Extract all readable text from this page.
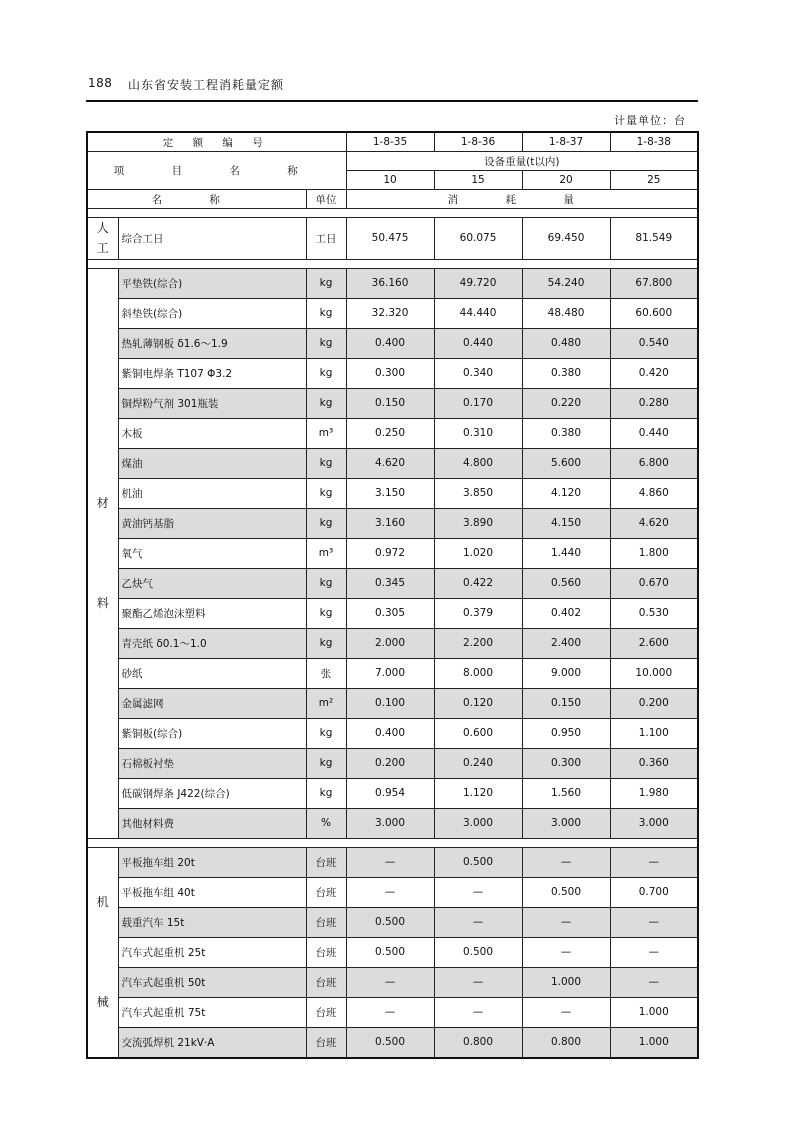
188 山东省安装工程消耗量定额
计量单位：台
定 额 编 号			1-8-35	1-8-36	1-8-37	1-8-38
项 目 名 称			设备重量(t以内)			
			10	15	20	25
名 称		单位	消 耗 量			

人
工	综合工日	工日	50.475	60.075	69.450	81.549

材
料	平垫铁(综合)	kg	36.160	49.720	54.240	67.800
	斜垫铁(综合)	kg	32.320	44.440	48.480	60.600
	热轧薄钢板 δ1.6～1.9	kg	0.400	0.440	0.480	0.540
	紫铜电焊条 T107 Φ3.2	kg	0.300	0.340	0.380	0.420
	铜焊粉气剂 301瓶装	kg	0.150	0.170	0.220	0.280
	木板	m³	0.250	0.310	0.380	0.440
	煤油	kg	4.620	4.800	5.600	6.800
	机油	kg	3.150	3.850	4.120	4.860
	黄油钙基脂	kg	3.160	3.890	4.150	4.620
	氧气	m³	0.972	1.020	1.440	1.800
	乙炔气	kg	0.345	0.422	0.560	0.670
	聚酯乙烯泡沫塑料	kg	0.305	0.379	0.402	0.530
	青壳纸 δ0.1～1.0	kg	2.000	2.200	2.400	2.600
	砂纸	张	7.000	8.000	9.000	10.000
	金属滤网	m²	0.100	0.120	0.150	0.200
	紫铜板(综合)	kg	0.400	0.600	0.950	1.100
	石棉板衬垫	kg	0.200	0.240	0.300	0.360
	低碳钢焊条 J422(综合)	kg	0.954	1.120	1.560	1.980
	其他材料费	%	3.000	3.000	3.000	3.000

机
械	平板拖车组 20t	台班	—	0.500	—	—
	平板拖车组 40t	台班	—	—	0.500	0.700
	载重汽车 15t	台班	0.500	—	—	—
	汽车式起重机 25t	台班	0.500	0.500	—	—
	汽车式起重机 50t	台班	—	—	1.000	—
	汽车式起重机 75t	台班	—	—	—	1.000
	交流弧焊机 21kV·A	台班	0.500	0.800	0.800	1.000
